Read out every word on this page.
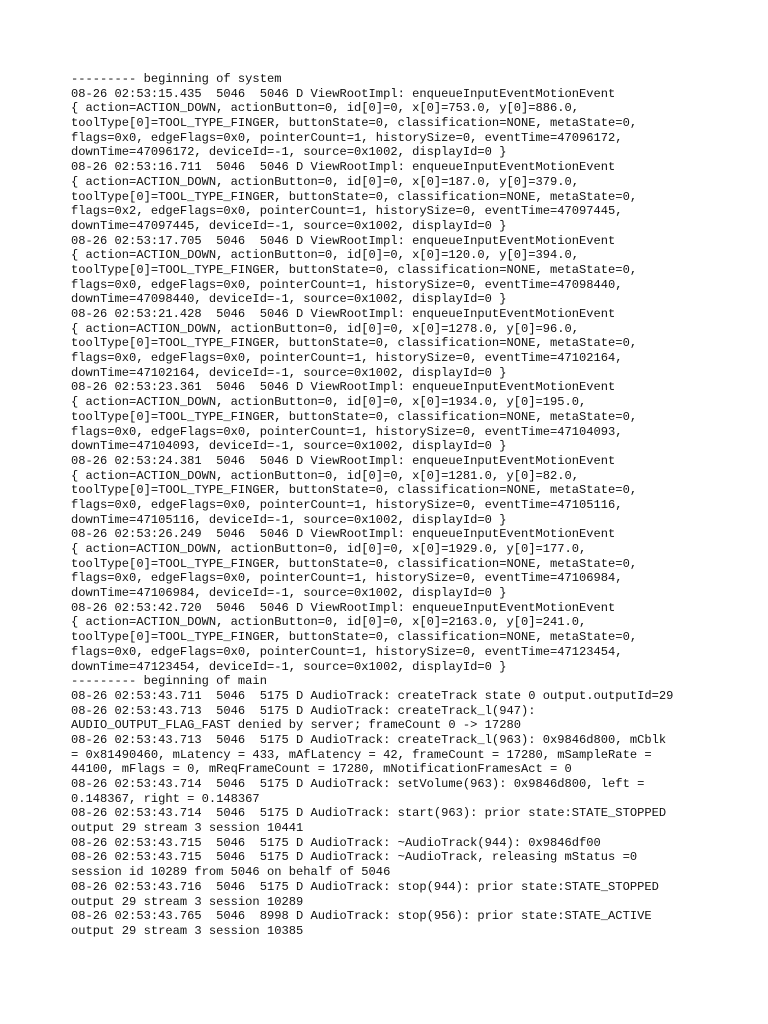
--------- beginning of system
08-26 02:53:15.435  5046  5046 D ViewRootImpl: enqueueInputEventMotionEvent
{ action=ACTION_DOWN, actionButton=0, id[0]=0, x[0]=753.0, y[0]=886.0,
toolType[0]=TOOL_TYPE_FINGER, buttonState=0, classification=NONE, metaState=0,
flags=0x0, edgeFlags=0x0, pointerCount=1, historySize=0, eventTime=47096172,
downTime=47096172, deviceId=-1, source=0x1002, displayId=0 }
08-26 02:53:16.711  5046  5046 D ViewRootImpl: enqueueInputEventMotionEvent
{ action=ACTION_DOWN, actionButton=0, id[0]=0, x[0]=187.0, y[0]=379.0,
toolType[0]=TOOL_TYPE_FINGER, buttonState=0, classification=NONE, metaState=0,
flags=0x2, edgeFlags=0x0, pointerCount=1, historySize=0, eventTime=47097445,
downTime=47097445, deviceId=-1, source=0x1002, displayId=0 }
08-26 02:53:17.705  5046  5046 D ViewRootImpl: enqueueInputEventMotionEvent
{ action=ACTION_DOWN, actionButton=0, id[0]=0, x[0]=120.0, y[0]=394.0,
toolType[0]=TOOL_TYPE_FINGER, buttonState=0, classification=NONE, metaState=0,
flags=0x0, edgeFlags=0x0, pointerCount=1, historySize=0, eventTime=47098440,
downTime=47098440, deviceId=-1, source=0x1002, displayId=0 }
08-26 02:53:21.428  5046  5046 D ViewRootImpl: enqueueInputEventMotionEvent
{ action=ACTION_DOWN, actionButton=0, id[0]=0, x[0]=1278.0, y[0]=96.0,
toolType[0]=TOOL_TYPE_FINGER, buttonState=0, classification=NONE, metaState=0,
flags=0x0, edgeFlags=0x0, pointerCount=1, historySize=0, eventTime=47102164,
downTime=47102164, deviceId=-1, source=0x1002, displayId=0 }
08-26 02:53:23.361  5046  5046 D ViewRootImpl: enqueueInputEventMotionEvent
{ action=ACTION_DOWN, actionButton=0, id[0]=0, x[0]=1934.0, y[0]=195.0,
toolType[0]=TOOL_TYPE_FINGER, buttonState=0, classification=NONE, metaState=0,
flags=0x0, edgeFlags=0x0, pointerCount=1, historySize=0, eventTime=47104093,
downTime=47104093, deviceId=-1, source=0x1002, displayId=0 }
08-26 02:53:24.381  5046  5046 D ViewRootImpl: enqueueInputEventMotionEvent
{ action=ACTION_DOWN, actionButton=0, id[0]=0, x[0]=1281.0, y[0]=82.0,
toolType[0]=TOOL_TYPE_FINGER, buttonState=0, classification=NONE, metaState=0,
flags=0x0, edgeFlags=0x0, pointerCount=1, historySize=0, eventTime=47105116,
downTime=47105116, deviceId=-1, source=0x1002, displayId=0 }
08-26 02:53:26.249  5046  5046 D ViewRootImpl: enqueueInputEventMotionEvent
{ action=ACTION_DOWN, actionButton=0, id[0]=0, x[0]=1929.0, y[0]=177.0,
toolType[0]=TOOL_TYPE_FINGER, buttonState=0, classification=NONE, metaState=0,
flags=0x0, edgeFlags=0x0, pointerCount=1, historySize=0, eventTime=47106984,
downTime=47106984, deviceId=-1, source=0x1002, displayId=0 }
08-26 02:53:42.720  5046  5046 D ViewRootImpl: enqueueInputEventMotionEvent
{ action=ACTION_DOWN, actionButton=0, id[0]=0, x[0]=2163.0, y[0]=241.0,
toolType[0]=TOOL_TYPE_FINGER, buttonState=0, classification=NONE, metaState=0,
flags=0x0, edgeFlags=0x0, pointerCount=1, historySize=0, eventTime=47123454,
downTime=47123454, deviceId=-1, source=0x1002, displayId=0 }
--------- beginning of main
08-26 02:53:43.711  5046  5175 D AudioTrack: createTrack state 0 output.outputId=29
08-26 02:53:43.713  5046  5175 D AudioTrack: createTrack_l(947):
AUDIO_OUTPUT_FLAG_FAST denied by server; frameCount 0 -> 17280
08-26 02:53:43.713  5046  5175 D AudioTrack: createTrack_l(963): 0x9846d800, mCblk
= 0x81490460, mLatency = 433, mAfLatency = 42, frameCount = 17280, mSampleRate =
44100, mFlags = 0, mReqFrameCount = 17280, mNotificationFramesAct = 0
08-26 02:53:43.714  5046  5175 D AudioTrack: setVolume(963): 0x9846d800, left =
0.148367, right = 0.148367
08-26 02:53:43.714  5046  5175 D AudioTrack: start(963): prior state:STATE_STOPPED
output 29 stream 3 session 10441
08-26 02:53:43.715  5046  5175 D AudioTrack: ~AudioTrack(944): 0x9846df00
08-26 02:53:43.715  5046  5175 D AudioTrack: ~AudioTrack, releasing mStatus =0
session id 10289 from 5046 on behalf of 5046
08-26 02:53:43.716  5046  5175 D AudioTrack: stop(944): prior state:STATE_STOPPED
output 29 stream 3 session 10289
08-26 02:53:43.765  5046  8998 D AudioTrack: stop(956): prior state:STATE_ACTIVE
output 29 stream 3 session 10385
